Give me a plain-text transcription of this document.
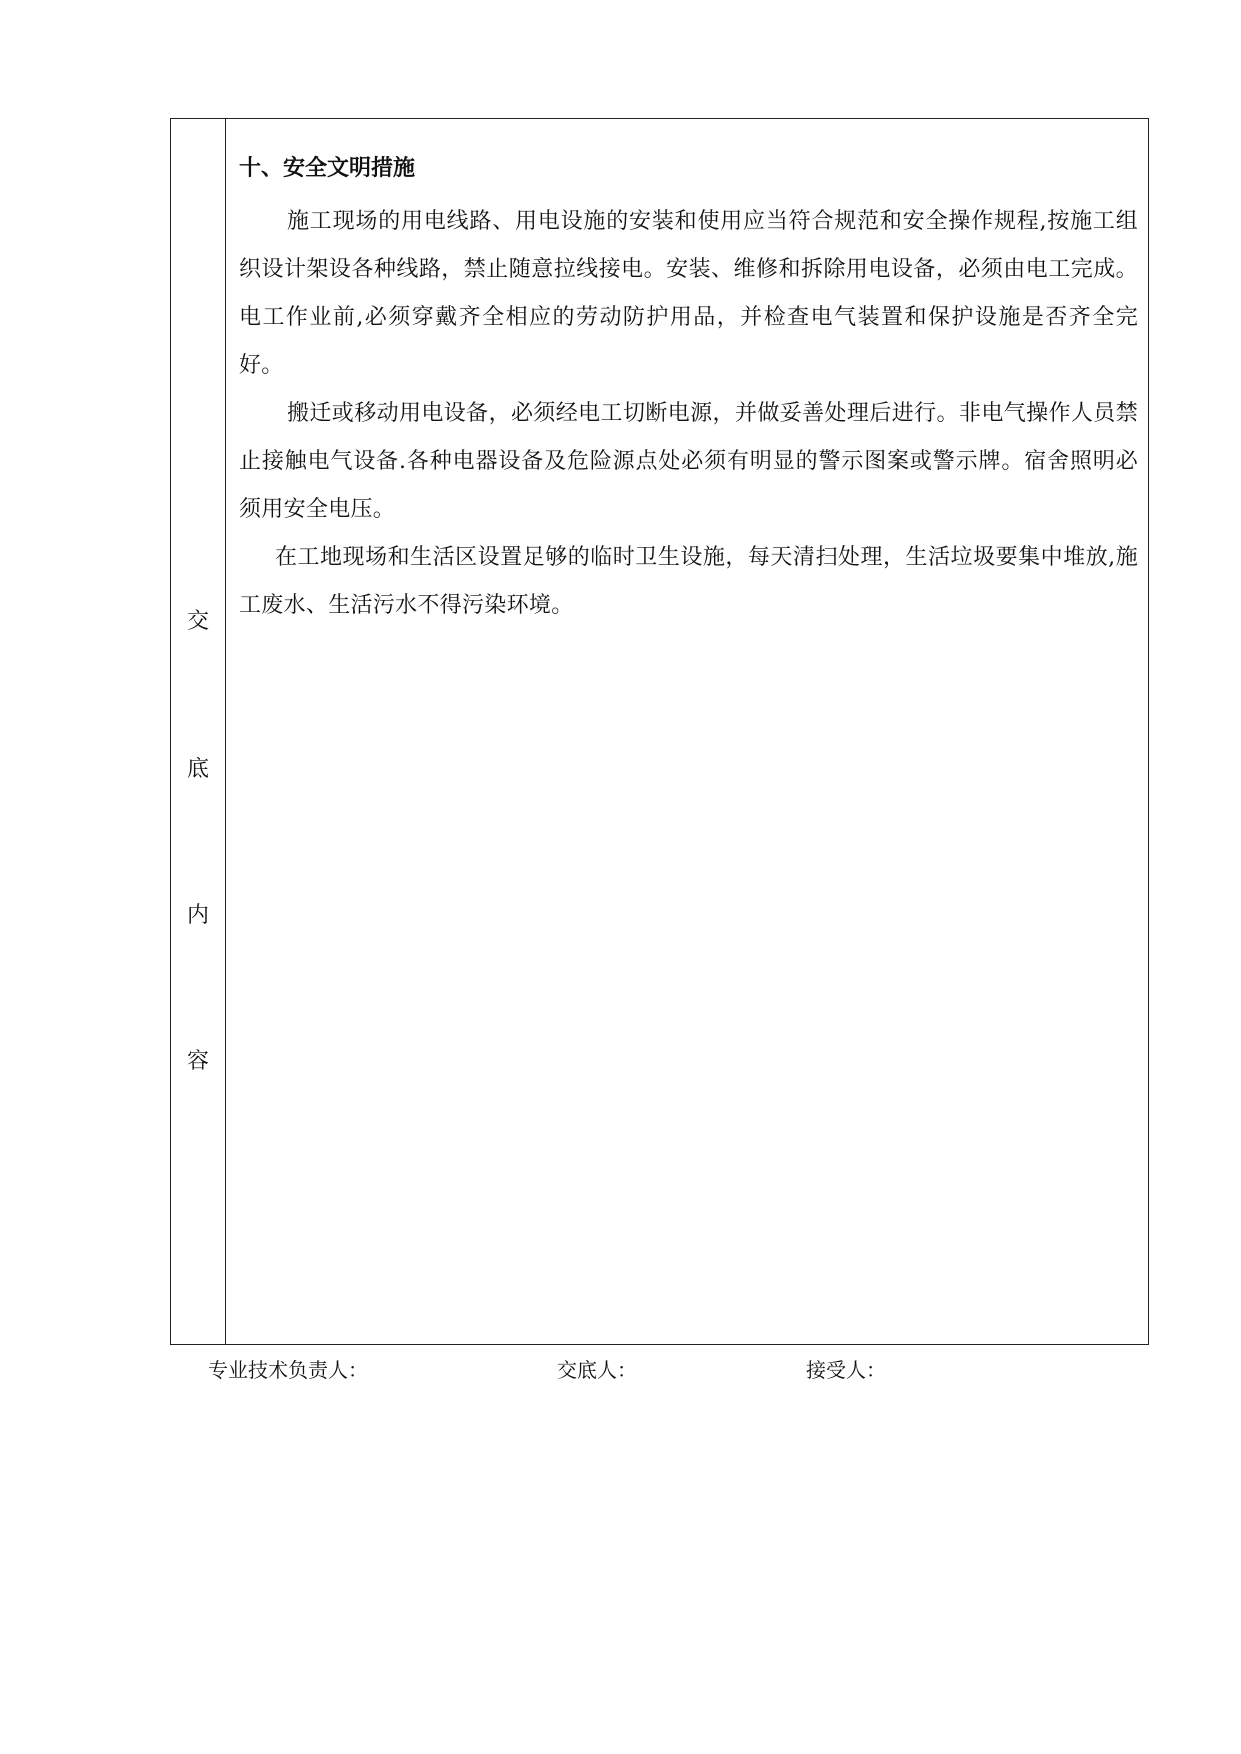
交
底
内
容

十、安全文明措施

施工现场的用电线路、用电设施的安装和使用应当符合规范和安全操作规程,按施工组织设计架设各种线路，禁止随意拉线接电。安装、维修和拆除用电设备，必须由电工完成。电工作业前,必须穿戴齐全相应的劳动防护用品，并检查电气装置和保护设施是否齐全完好。

搬迁或移动用电设备，必须经电工切断电源，并做妥善处理后进行。非电气操作人员禁止接触电气设备.各种电器设备及危险源点处必须有明显的警示图案或警示牌。宿舍照明必须用安全电压。

在工地现场和生活区设置足够的临时卫生设施，每天清扫处理，生活垃圾要集中堆放,施工废水、生活污水不得污染环境。

专业技术负责人：	交底人：	接受人：
